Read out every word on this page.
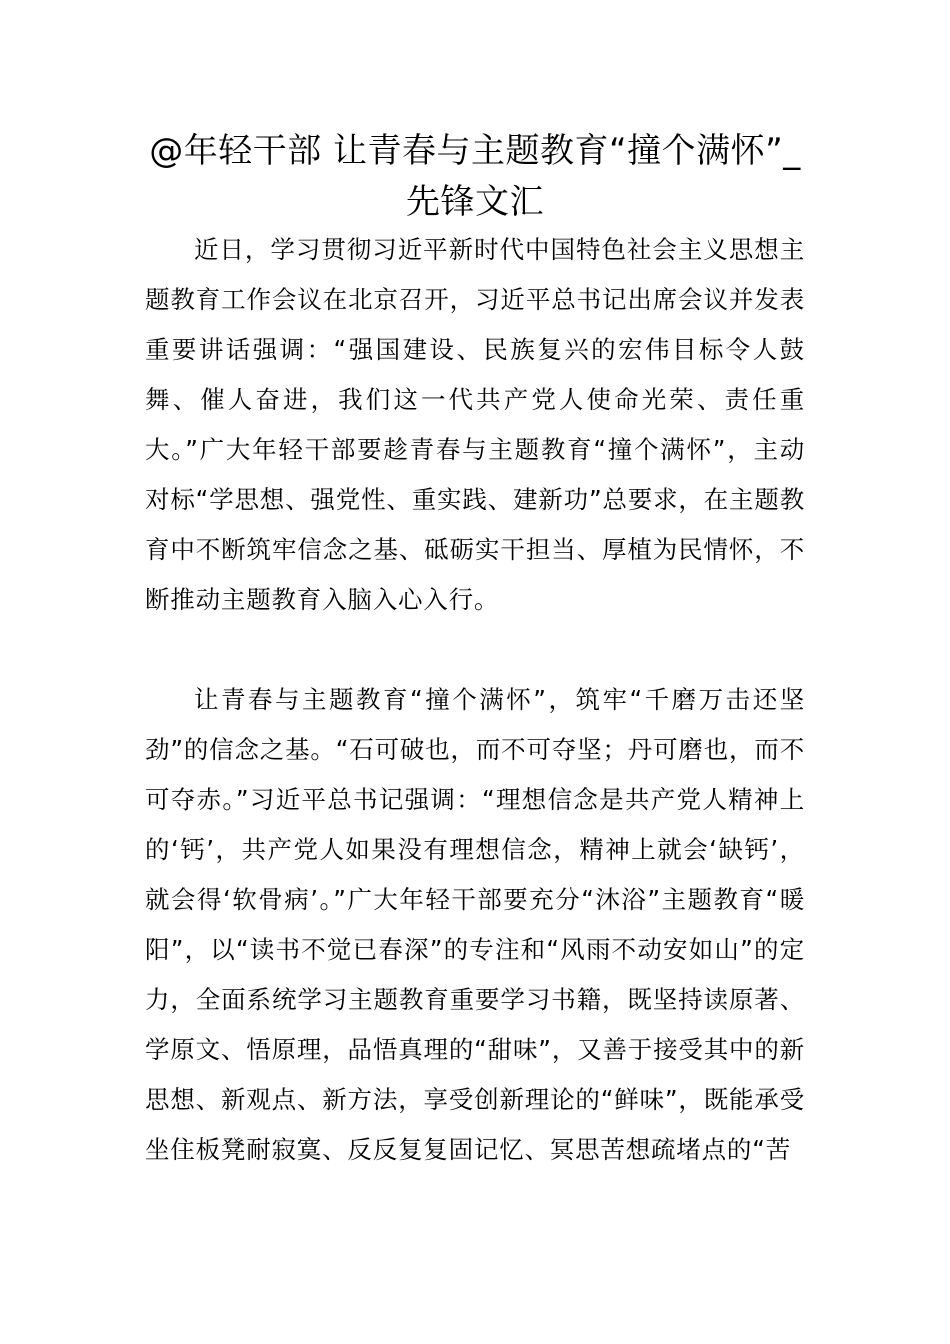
@年轻干部 让青春与主题教育“撞个满怀”_先锋文汇

近日，学习贯彻习近平新时代中国特色社会主义思想主题教育工作会议在北京召开，习近平总书记出席会议并发表重要讲话强调：“强国建设、民族复兴的宏伟目标令人鼓舞、催人奋进，我们这一代共产党人使命光荣、责任重大。”广大年轻干部要趁青春与主题教育“撞个满怀”，主动对标“学思想、强党性、重实践、建新功”总要求，在主题教育中不断筑牢信念之基、砥砺实干担当、厚植为民情怀，不断推动主题教育入脑入心入行。

让青春与主题教育“撞个满怀”，筑牢“千磨万击还坚劲”的信念之基。“石可破也，而不可夺坚；丹可磨也，而不可夺赤。”习近平总书记强调：“理想信念是共产党人精神上的‘钙’，共产党人如果没有理想信念，精神上就会‘缺钙’，就会得‘软骨病’。”广大年轻干部要充分“沐浴”主题教育“暖阳”，以“读书不觉已春深”的专注和“风雨不动安如山”的定力，全面系统学习主题教育重要学习书籍，既坚持读原著、学原文、悟原理，品悟真理的“甜味”，又善于接受其中的新思想、新观点、新方法，享受创新理论的“鲜味”，既能承受坐住板凳耐寂寞、反反复复固记忆、冥思苦想疏堵点的“苦
